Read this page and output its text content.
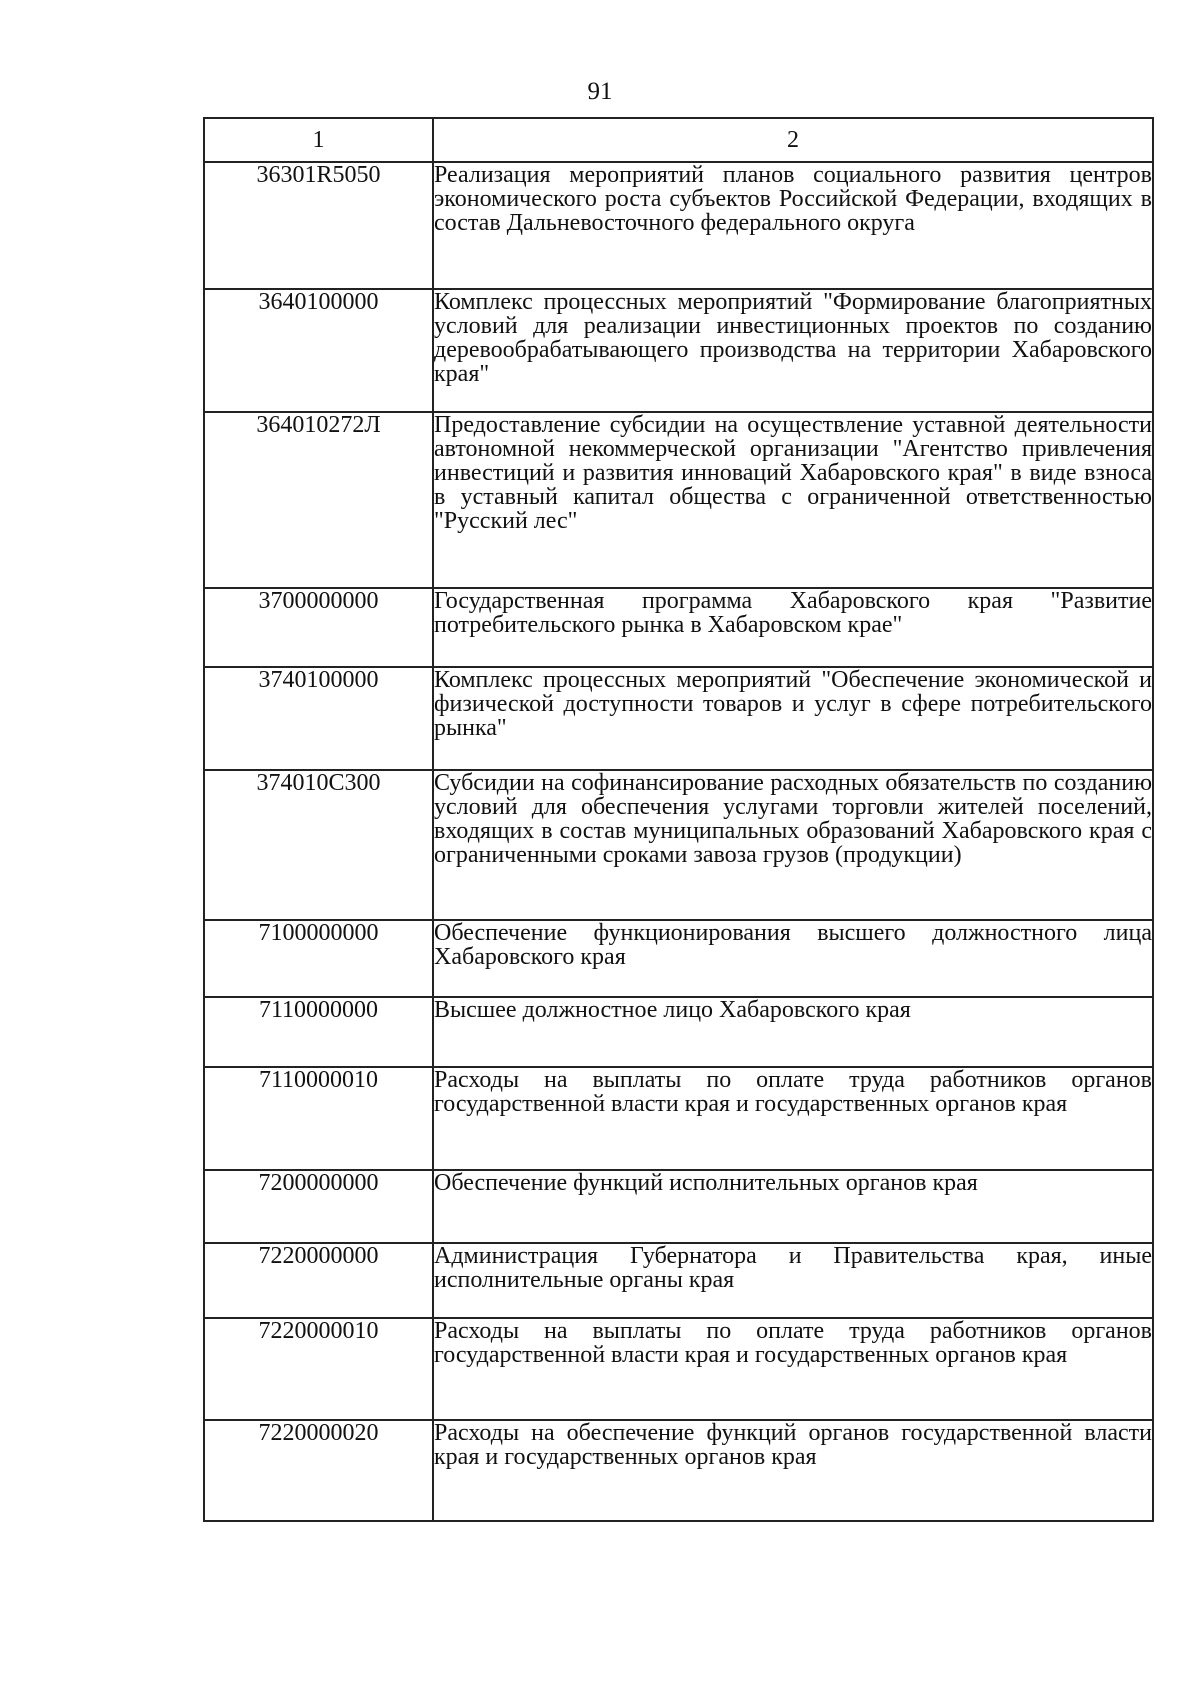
91
1	2
36301R5050	Реализация мероприятий планов социального развития центров экономического роста субъектов Российской Федерации, входящих в состав Дальневосточного федерального округа
3640100000	Комплекс процессных мероприятий "Формирование благоприятных условий для реализации инвестиционных проектов по созданию деревообрабатывающего производства на территории Хабаровского края"
364010272Л	Предоставление субсидии на осуществление уставной деятельности автономной некоммерческой организации "Агентство привлечения инвестиций и развития инноваций Хабаровского края" в виде взноса в уставный капитал общества с ограниченной ответственностью "Русский лес"
3700000000	Государственная программа Хабаровского края "Развитие потребительского рынка в Хабаровском крае"
3740100000	Комплекс процессных мероприятий "Обеспечение экономической и физической доступности товаров и услуг в сфере потребительского рынка"
374010С300	Субсидии на софинансирование расходных обязательств по созданию условий для обеспечения услугами торговли жителей поселений, входящих в состав муниципальных образований Хабаровского края с ограниченными сроками завоза грузов (продукции)
7100000000	Обеспечение функционирования высшего должностного лица Хабаровского края
7110000000	Высшее должностное лицо Хабаровского края
7110000010	Расходы на выплаты по оплате труда работников органов государственной власти края и государственных органов края
7200000000	Обеспечение функций исполнительных органов края
7220000000	Администрация Губернатора и Правительства края, иные исполнительные органы края
7220000010	Расходы на выплаты по оплате труда работников органов государственной власти края и государственных органов края
7220000020	Расходы на обеспечение функций органов государственной власти края и государственных органов края
